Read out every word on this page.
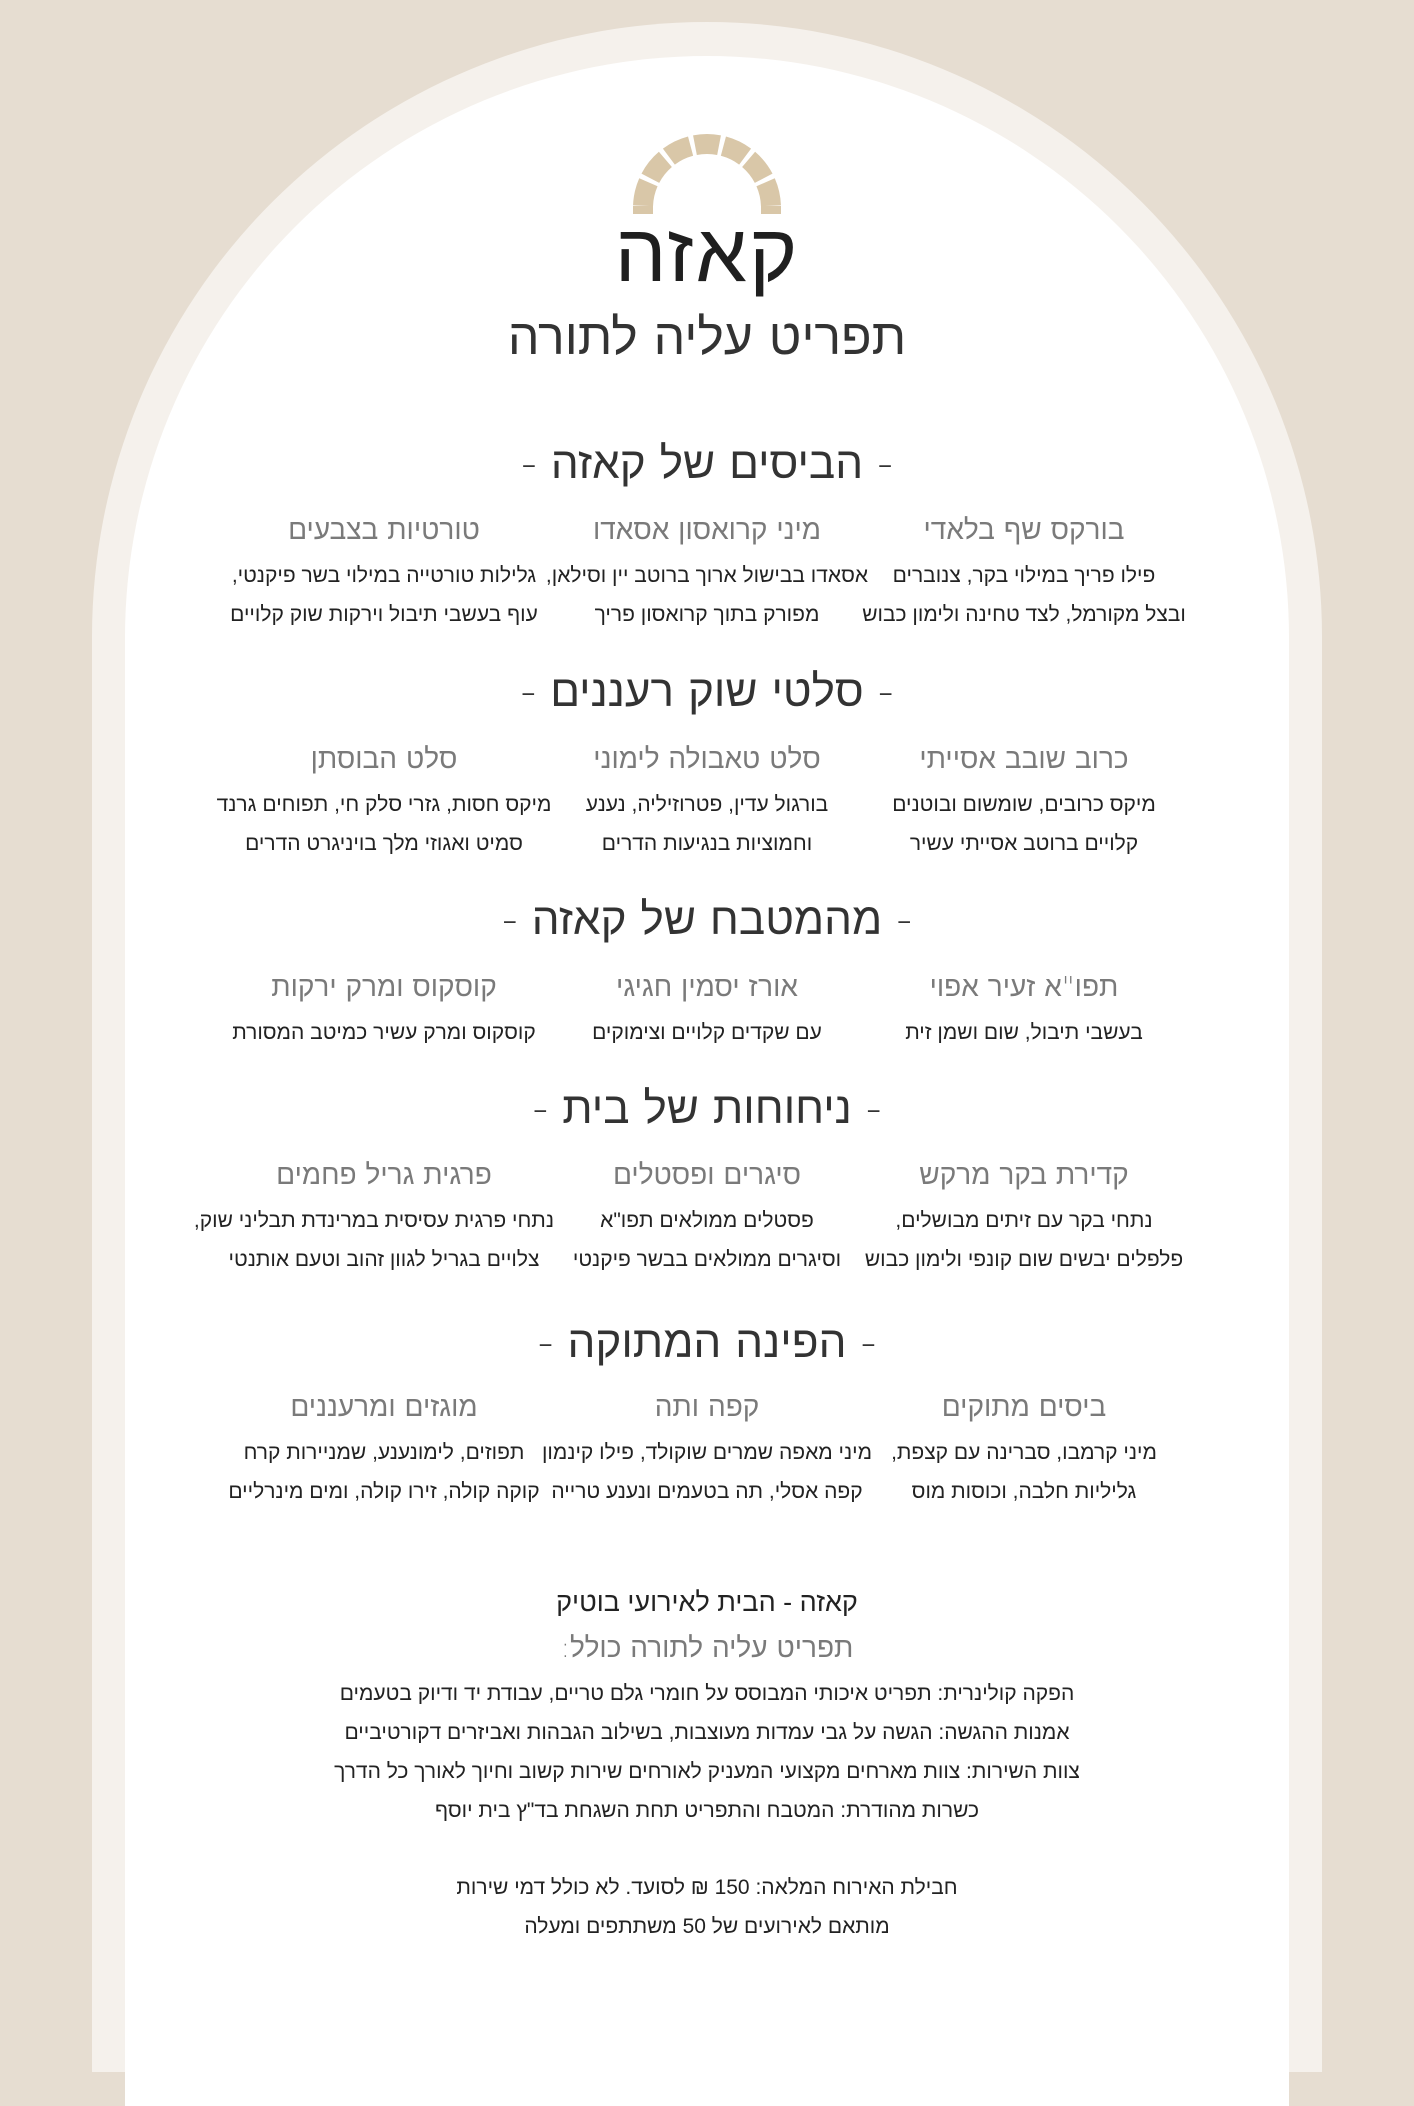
קאזה
תפריט עליה לתורה
- הביסים של קאזה -
בורקס שף בלאדי
פילו פריך במילוי בקר, צנוברים
ובצל מקורמל, לצד טחינה ולימון כבוש
מיני קרואסון אסאדו
אסאדו בבישול ארוך ברוטב יין וסילאן,
מפורק בתוך קרואסון פריך
טורטיות בצבעים
גלילות טורטייה במילוי בשר פיקנטי,
עוף בעשבי תיבול וירקות שוק קלויים
- סלטי שוק רעננים -
כרוב שובב אסייתי
מיקס כרובים, שומשום ובוטנים
קלויים ברוטב אסייתי עשיר
סלט טאבולה לימוני
בורגול עדין, פטרוזיליה, נענע
וחמוציות בנגיעות הדרים
סלט הבוסתן
מיקס חסות, גזרי סלק חי, תפוחים גרנד
סמיט ואגוזי מלך בויניגרט הדרים
- מהמטבח של קאזה -
תפו"א זעיר אפוי
בעשבי תיבול, שום ושמן זית
אורז יסמין חגיגי
עם שקדים קלויים וצימוקים
קוסקוס ומרק ירקות
קוסקוס ומרק עשיר כמיטב המסורת
- ניחוחות של בית -
קדירת בקר מרקש
נתחי בקר עם זיתים מבושלים,
פלפלים יבשים שום קונפי ולימון כבוש
סיגרים ופסטלים
פסטלים ממולאים תפו"א
וסיגרים ממולאים בבשר פיקנטי
פרגית גריל פחמים
נתחי פרגית עסיסית במרינדת תבליני שוק,
צלויים בגריל לגוון זהוב וטעם אותנטי
- הפינה המתוקה -
ביסים מתוקים
מיני קרמבו, סברינה עם קצפת,
גליליות חלבה, וכוסות מוס
קפה ותה
מיני מאפה שמרים שוקולד, פילו קינמון
קפה אסלי, תה בטעמים ונענע טרייה
מוגזים ומרעננים
תפוזים, לימונענע, שמניירות קרח
קוקה קולה, זירו קולה, ומים מינרליים
קאזה - הבית לאירועי בוטיק
תפריט עליה לתורה כולל:
הפקה קולינרית: תפריט איכותי המבוסס על חומרי גלם טריים, עבודת יד ודיוק בטעמים
אמנות ההגשה: הגשה על גבי עמדות מעוצבות, בשילוב הגבהות ואביזרים דקורטיביים
צוות השירות: צוות מארחים מקצועי המעניק לאורחים שירות קשוב וחיוך לאורך כל הדרך
כשרות מהודרת: המטבח והתפריט תחת השגחת בד"ץ בית יוסף
חבילת האירוח המלאה: 150 ₪ לסועד. לא כולל דמי שירות
מותאם לאירועים של 50 משתתפים ומעלה
